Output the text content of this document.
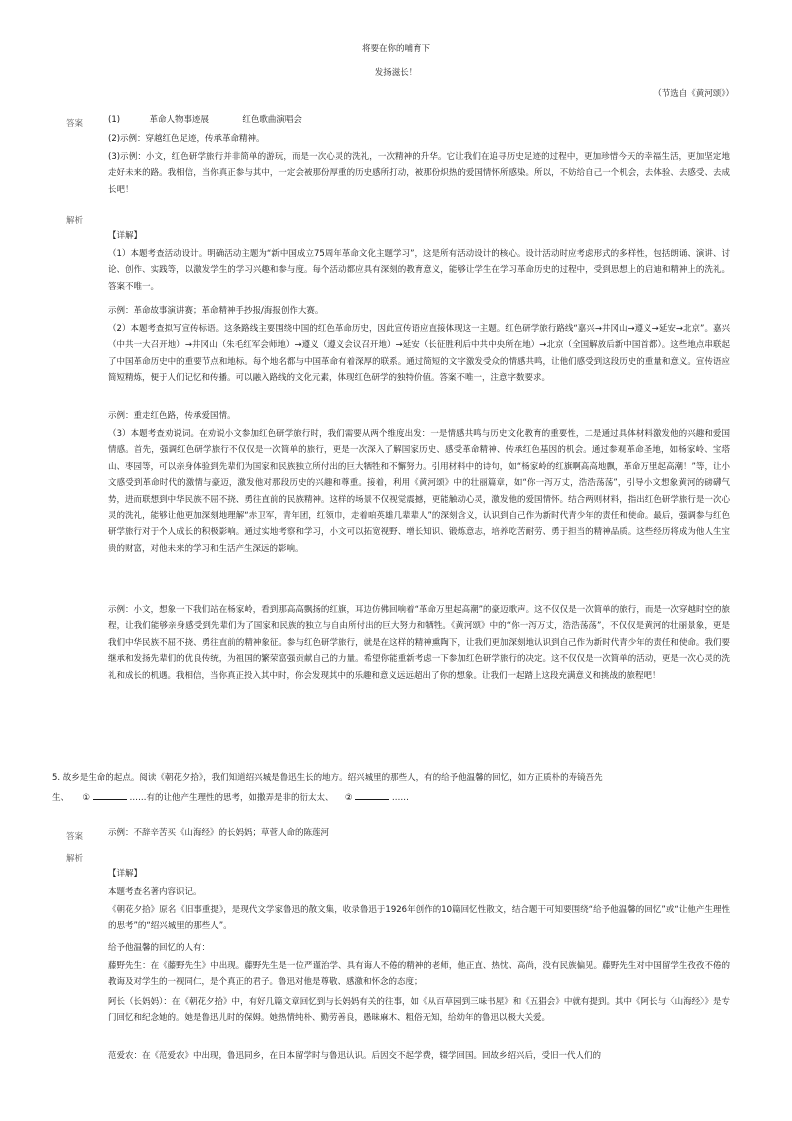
将要在你的哺育下
发扬滋长！
（节选自《黄河颂》）
答案	(1)	革命人物事迹展	红色歌曲演唱会
(2)示例：穿越红色足迹，传承革命精神。
(3)示例：小文，红色研学旅行并非简单的游玩，而是一次心灵的洗礼，一次精神的升华。它让我们在追寻历史足迹的过程中，更加珍惜今天的幸福生活，更加坚定地走好未来的路。我相信，当你真正参与其中，一定会被那份厚重的历史感所打动，被那份炽热的爱国情怀所感染。所以，不妨给自己一个机会，去体验、去感受、去成长吧！
解析
【详解】
（1）本题考查活动设计。明确活动主题为“新中国成立75周年革命文化主题学习”，这是所有活动设计的核心。设计活动时应考虑形式的多样性，包括朗诵、演讲、讨论、创作、实践等，以激发学生的学习兴趣和参与度。每个活动都应具有深刻的教育意义，能够让学生在学习革命历史的过程中，受到思想上的启迪和精神上的洗礼。答案不唯一。
示例：革命故事演讲赛；革命精神手抄报/海报创作大赛。
（2）本题考查拟写宣传标语。这条路线主要围绕中国的红色革命历史，因此宣传语应直接体现这一主题。红色研学旅行路线“嘉兴→井冈山→遵义→延安→北京”。嘉兴（中共一大召开地）→井冈山（朱毛红军会师地）→遵义（遵义会议召开地）→延安（长征胜利后中共中央所在地）→北京（全国解放后新中国首都）。这些地点串联起了中国革命历史中的重要节点和地标。每个地名都与中国革命有着深厚的联系。通过简短的文字激发受众的情感共鸣，让他们感受到这段历史的重量和意义。宣传语应简短精炼，便于人们记忆和传播。可以融入路线的文化元素，体现红色研学的独特价值。答案不唯一，注意字数要求。
示例：重走红色路，传承爱国情。
（3）本题考查劝说词。在劝说小文参加红色研学旅行时，我们需要从两个维度出发：一是情感共鸣与历史文化教育的重要性，二是通过具体材料激发他的兴趣和爱国情感。首先，强调红色研学旅行不仅仅是一次简单的旅行，更是一次深入了解国家历史、感受革命精神、传承红色基因的机会。通过参观革命圣地，如杨家岭、宝塔山、枣园等，可以亲身体验到先辈们为国家和民族独立所付出的巨大牺牲和不懈努力。引用材料中的诗句，如“杨家岭的红旗啊高高地飘，革命万里起高潮！”等，让小文感受到革命时代的激情与豪迈，激发他对那段历史的兴趣和尊重。接着，利用《黄河颂》中的壮丽篇章，如“你一泻万丈，浩浩荡荡”，引导小文想象黄河的磅礴气势，进而联想到中华民族不屈不挠、勇往直前的民族精神。这样的场景不仅视觉震撼，更能触动心灵，激发他的爱国情怀。结合两则材料，指出红色研学旅行是一次心灵的洗礼，能够让他更加深刻地理解“赤卫军，青年团，红领巾，走着咱英雄几辈辈人”的深刻含义，认识到自己作为新时代青少年的责任和使命。最后，强调参与红色研学旅行对于个人成长的积极影响。通过实地考察和学习，小文可以拓宽视野、增长知识、锻炼意志，培养吃苦耐劳、勇于担当的精神品质。这些经历将成为他人生宝贵的财富，对他未来的学习和生活产生深远的影响。
示例：小文，想象一下我们站在杨家岭，看到那高高飘扬的红旗，耳边仿佛回响着“革命万里起高潮”的豪迈歌声。这不仅仅是一次简单的旅行，而是一次穿越时空的旅程，让我们能够亲身感受到先辈们为了国家和民族的独立与自由所付出的巨大努力和牺牲。《黄河颂》中的“你一泻万丈，浩浩荡荡”，不仅仅是黄河的壮丽景象，更是我们中华民族不屈不挠、勇往直前的精神象征。参与红色研学旅行，就是在这样的精神熏陶下，让我们更加深刻地认识到自己作为新时代青少年的责任和使命。我们要继承和发扬先辈们的优良传统，为祖国的繁荣富强贡献自己的力量。希望你能重新考虑一下参加红色研学旅行的决定。这不仅仅是一次简单的活动，更是一次心灵的洗礼和成长的机遇。我相信，当你真正投入其中时，你会发现其中的乐趣和意义远远超出了你的想象。让我们一起踏上这段充满意义和挑战的旅程吧！
5. 故乡是生命的起点。阅读《朝花夕拾》，我们知道绍兴城是鲁迅生长的地方。绍兴城里的那些人，有的给予他温馨的回忆，如方正质朴的寿镜吾先
生、 ①	……有的让他产生理性的思考，如撒弄是非的衍太太、 ②	……
答案	示例：不辞辛苦买《山海经》的长妈妈；草菅人命的陈莲河
解析
【详解】
本题考查名著内容识记。
《朝花夕拾》原名《旧事重提》，是现代文学家鲁迅的散文集，收录鲁迅于1926年创作的10篇回忆性散文，结合题干可知要围绕“给予他温馨的回忆”或“让他产生理性的思考”的“绍兴城里的那些人”。
给予他温馨的回忆的人有：
藤野先生：在《藤野先生》中出现。藤野先生是一位严谨治学、具有诲人不倦的精神的老师，他正直、热忱、高尚，没有民族偏见。藤野先生对中国留学生孜孜不倦的教诲及对学生的一视同仁，是个真正的君子。鲁迅对他是尊敬、感激和怀念的态度；
阿长（长妈妈）：在《朝花夕拾》中，有好几篇文章回忆到与长妈妈有关的往事，如《从百草园到三味书屋》和《五猖会》中就有提到。其中《阿长与〈山海经〉》是专门回忆和纪念她的。她是鲁迅儿时的保姆。她热情纯朴、勤劳善良，愚昧麻木、粗俗无知，给幼年的鲁迅以极大关爱。
范爱农：在《范爱农》中出现，鲁迅同乡，在日本留学时与鲁迅认识。后因交不起学费，辍学回国。回故乡绍兴后，受旧一代人们的
